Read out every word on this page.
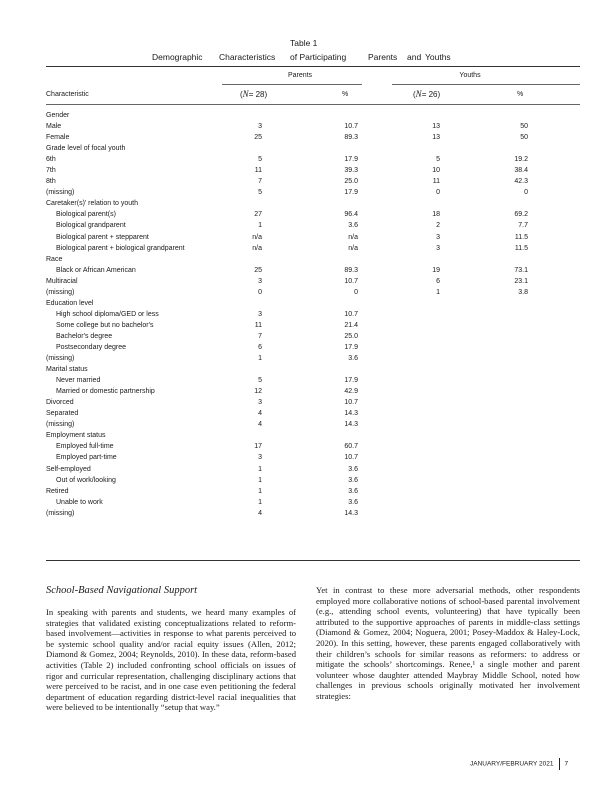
Table 1
Demographic Characteristics of Participating	Parents and Youths
Parents	Youths
Characteristic	(N= 28)	%	(N= 26)	%
Gender
Male	3	10.7	13	50
Female	25	89.3	13	50
Grade level of focal youth
6th	5	17.9	5	19.2
7th	11	39.3	10	38.4
8th	7	25.0	11	42.3
(missing)	5	17.9	0	0
Caretaker(s)' relation to youth
Biological parent(s)	27	96.4	18	69.2
Biological grandparent	1	3.6	2	7.7
Biological parent + stepparent	n/a	n/a	3	11.5
Biological parent + biological grandparent	n/a	n/a	3	11.5
Race
Black or African American	25	89.3	19	73.1
Multiracial	3	10.7	6	23.1
(missing)	0	0	1	3.8
Education level
High school diploma/GED or less	3	10.7
Some college but no bachelor's	11	21.4
Bachelor's degree	7	25.0
Postsecondary degree	6	17.9
(missing)	1	3.6
Marital status
Never married	5	17.9
Married or domestic partnership	12	42.9
Divorced	3	10.7
Separated	4	14.3
(missing)	4	14.3
Employment status
Employed full-time	17	60.7
Employed part-time	3	10.7
Self-employed	1	3.6
Out of work/looking	1	3.6
Retired	1	3.6
Unable to work	1	3.6
(missing)	4	14.3

School-Based Navigational Support

In speaking with parents and students, we heard many examples of strategies that validated existing conceptualizations related to reform-based involvement—activities in response to what parents perceived to be systemic school quality and/or racial equity issues (Allen, 2012; Diamond & Gomez, 2004; Reynolds, 2010). In these data, reform-based activities (Table 2) included confronting school officials on issues of rigor and curricular representation, challenging disciplinary actions that were perceived to be racist, and in one case even petitioning the federal department of education regarding district-level racial inequalities that were believed to be intentionally “setup that way.”

Yet in contrast to these more adversarial methods, other respondents employed more collaborative notions of school-based parental involvement (e.g., attending school events, volunteering) that have typically been attributed to the supportive approaches of parents in middle-class settings (Diamond & Gomez, 2004; Noguera, 2001; Posey-Maddox & Haley-Lock, 2020). In this setting, however, these parents engaged collaboratively with their children’s schools for similar reasons as reformers: to address or mitigate the schools’ shortcomings. Renee,¹ a single mother and parent volunteer whose daughter attended Maybray Middle School, noted how challenges in previous schools originally motivated her involvement strategies:

JANUARY/FEBRUARY 2021 7
